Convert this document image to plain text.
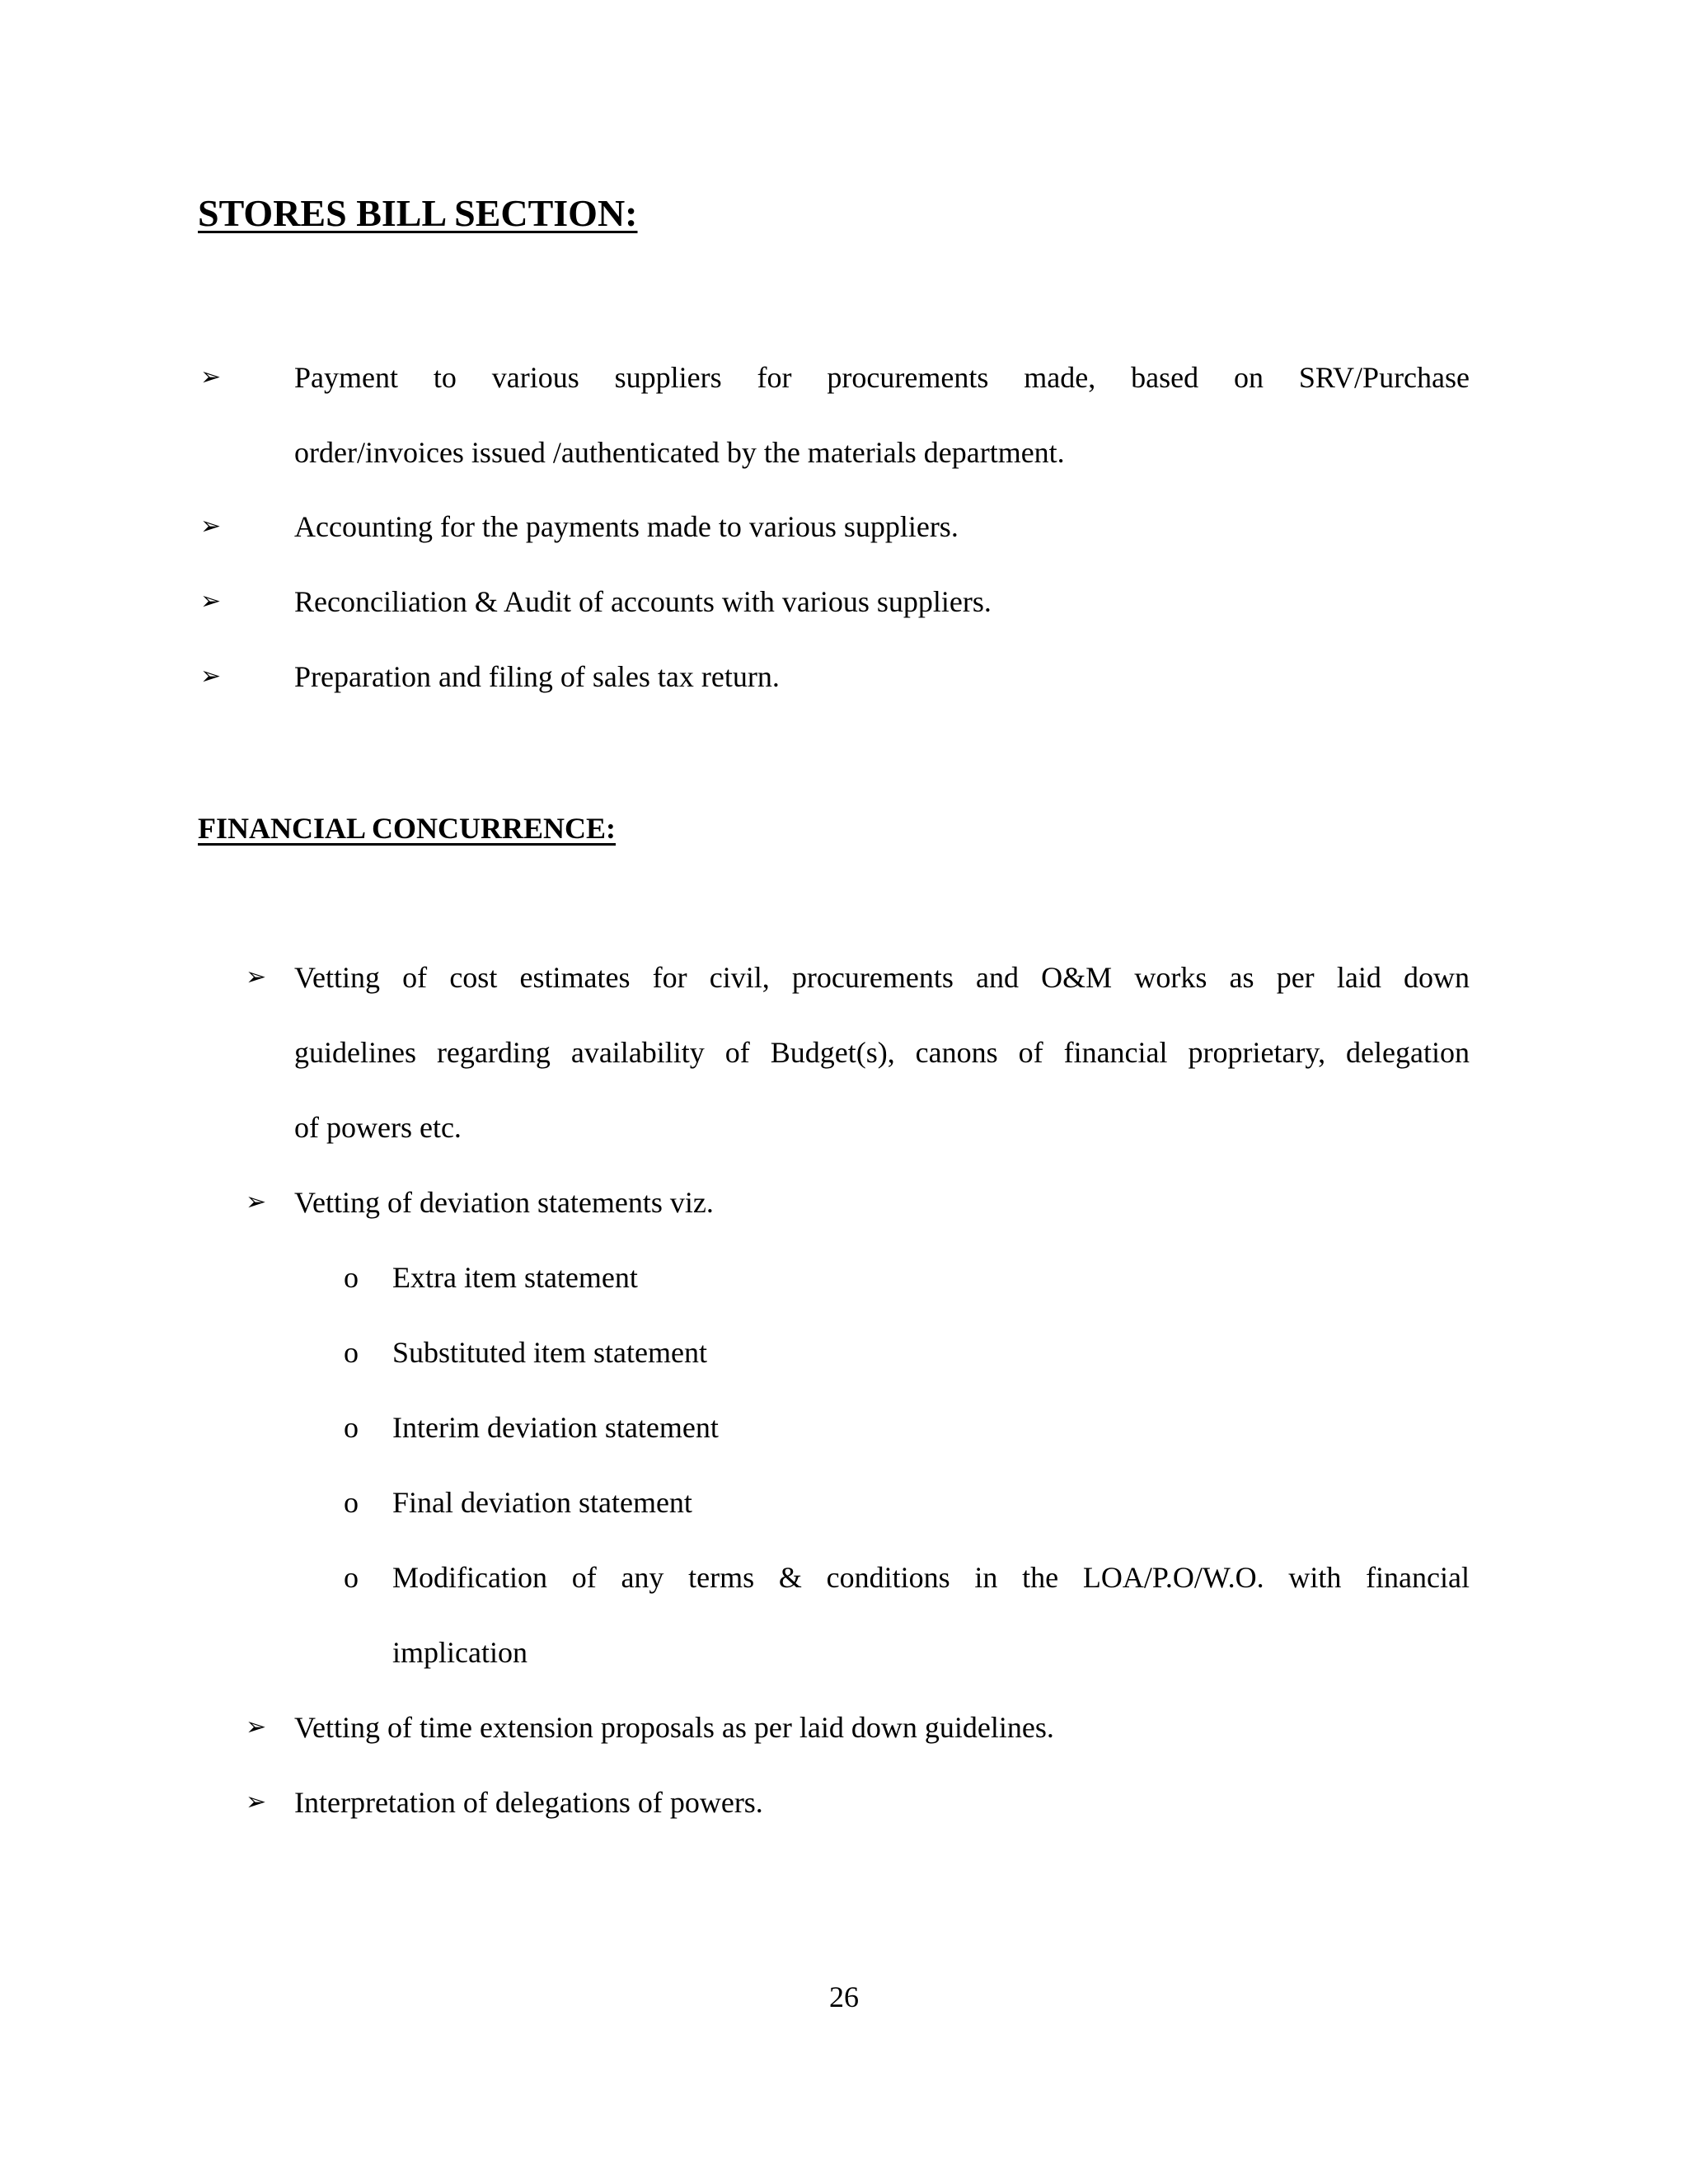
STORES BILL SECTION:
➢ Payment to various suppliers for procurements made, based on SRV/Purchase
order/invoices issued /authenticated by the materials department.
➢ Accounting for the payments made to various suppliers.
➢ Reconciliation & Audit of accounts with various suppliers.
➢ Preparation and filing of sales tax return.
FINANCIAL CONCURRENCE:
➢ Vetting of cost estimates for civil, procurements and O&M works as per laid down
guidelines regarding availability of Budget(s), canons of financial proprietary, delegation
of powers etc.
➢ Vetting of deviation statements viz.
o Extra item statement
o Substituted item statement
o Interim deviation statement
o Final deviation statement
o Modification of any terms & conditions in the LOA/P.O/W.O. with financial
implication
➢ Vetting of time extension proposals as per laid down guidelines.
➢ Interpretation of delegations of powers.
26
